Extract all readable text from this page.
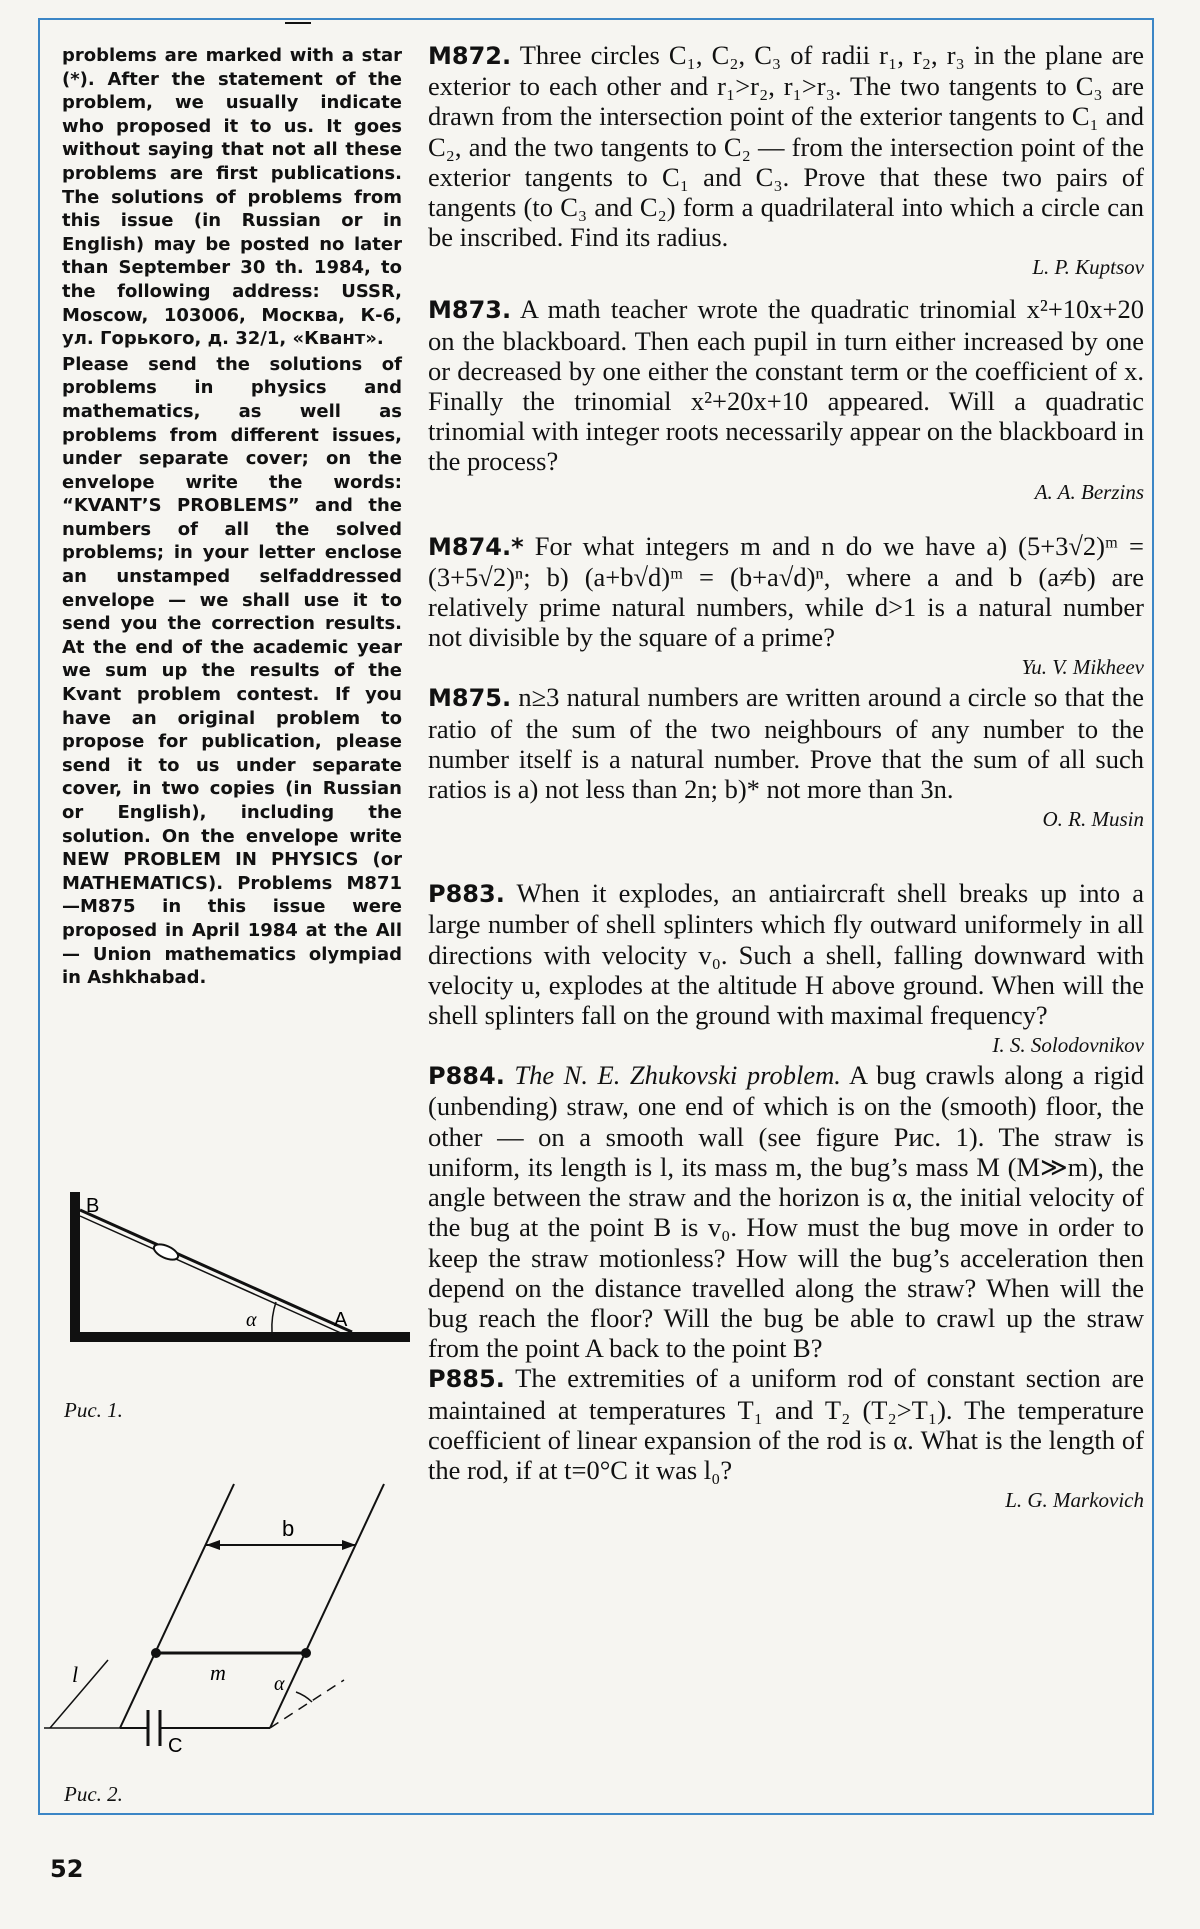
problems are marked with a star (*). After the statement of the problem, we usually indicate who proposed it to us. It goes without saying that not all these problems are first publications. The solutions of problems from this issue (in Russian or in English) may be posted no later than September 30 th. 1984, to the following address: USSR, Moscow, 103006, Москва, К-6, ул. Горького, д. 32/1, «Квант».

Please send the solutions of problems in physics and mathematics, as well as problems from different issues, under separate cover; on the envelope write the words: “KVANT’S PROBLEMS” and the numbers of all the solved problems; in your letter enclose an unstamped selfaddressed envelope — we shall use it to send you the correction results. At the end of the academic year we sum up the results of the Kvant problem contest. If you have an original problem to propose for publication, please send it to us under separate cover, in two copies (in Russian or English), including the solution. On the envelope write NEW PROBLEM IN PHYSICS (or MATHEMATICS). Problems M871—M875 in this issue were proposed in April 1984 at the All — Union mathematics olympiad in Ashkhabad.

M872. Three circles C₁, C₂, C₃ of radii r₁, r₂, r₃ in the plane are exterior to each other and r₁>r₂, r₁>r₃. The two tangents to C₃ are drawn from the intersection point of the exterior tangents to C₁ and C₂, and the two tangents to C₂ — from the intersection point of the exterior tangents to C₁ and C₃. Prove that these two pairs of tangents (to C₃ and C₂) form a quadrilateral into which a circle can be inscribed. Find its radius.

L. P. Kuptsov

M873. A math teacher wrote the quadratic trinomial x²+10x+20 on the blackboard. Then each pupil in turn either increased by one or decreased by one either the constant term or the coefficient of x. Finally the trinomial x²+20x+10 appeared. Will a quadratic trinomial with integer roots necessarily appear on the blackboard in the process?

A. A. Berzins

M874.* For what integers m and n do we have a) (5+3√2)ᵐ = (3+5√2)ⁿ; b) (a+b√d)ᵐ = (b+a√d)ⁿ, where a and b (a≠b) are relatively prime natural numbers, while d>1 is a natural number not divisible by the square of a prime?

Yu. V. Mikheev

M875. n≥3 natural numbers are written around a circle so that the ratio of the sum of the two neighbours of any number to the number itself is a natural number. Prove that the sum of all such ratios is a) not less than 2n; b)* not more than 3n.

O. R. Musin

P883. When it explodes, an antiaircraft shell breaks up into a large number of shell splinters which fly outward uniformely in all directions with velocity v₀. Such a shell, falling downward with velocity u, explodes at the altitude H above ground. When will the shell splinters fall on the ground with maximal frequency?

I. S. Solodovnikov

P884. The N. E. Zhukovski problem. A bug crawls along a rigid (unbending) straw, one end of which is on the (smooth) floor, the other — on a smooth wall (see figure Рис. 1). The straw is uniform, its length is l, its mass m, the bug’s mass M (M≫m), the angle between the straw and the horizon is α, the initial velocity of the bug at the point B is v₀. How must the bug move in order to keep the straw motionless? How will the bug’s acceleration then depend on the distance travelled along the straw? When will the bug reach the floor? Will the bug be able to crawl up the straw from the point A back to the point B?

P885. The extremities of a uniform rod of constant section are maintained at temperatures T₁ and T₂ (T₂>T₁). The temperature coefficient of linear expansion of the rod is α. What is the length of the rod, if at t=0°C it was l₀?

L. G. Markovich

B
A
α
Рис. 1.
b
m
l
C
α
Рис. 2.
52
